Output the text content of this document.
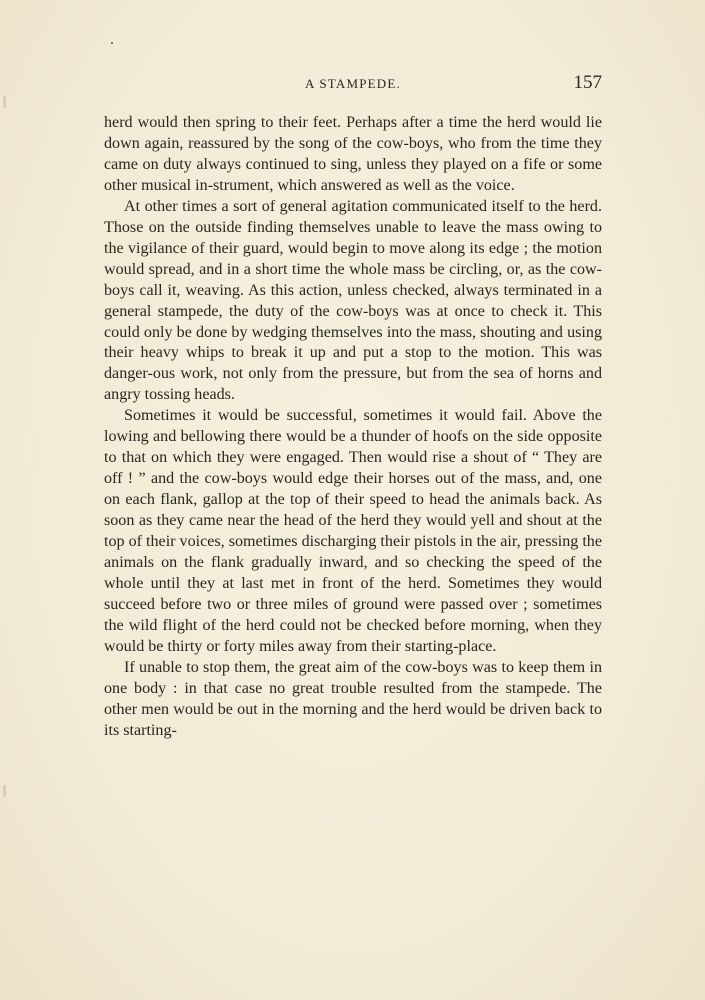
A STAMPEDE.	157

herd would then spring to their feet. Perhaps after a time the herd would lie down again, reassured by the song of the cow-boys, who from the time they came on duty always continued to sing, unless they played on a fife or some other musical in-strument, which answered as well as the voice.

At other times a sort of general agitation communicated itself to the herd. Those on the outside finding themselves unable to leave the mass owing to the vigilance of their guard, would begin to move along its edge ; the motion would spread, and in a short time the whole mass be circling, or, as the cow-boys call it, weaving. As this action, unless checked, always terminated in a general stampede, the duty of the cow-boys was at once to check it. This could only be done by wedging themselves into the mass, shouting and using their heavy whips to break it up and put a stop to the motion. This was danger-ous work, not only from the pressure, but from the sea of horns and angry tossing heads.

Sometimes it would be successful, sometimes it would fail. Above the lowing and bellowing there would be a thunder of hoofs on the side opposite to that on which they were engaged. Then would rise a shout of “ They are off ! ” and the cow-boys would edge their horses out of the mass, and, one on each flank, gallop at the top of their speed to head the animals back. As soon as they came near the head of the herd they would yell and shout at the top of their voices, sometimes discharging their pistols in the air, pressing the animals on the flank gradually inward, and so checking the speed of the whole until they at last met in front of the herd. Sometimes they would succeed before two or three miles of ground were passed over ; sometimes the wild flight of the herd could not be checked before morning, when they would be thirty or forty miles away from their starting-place.

If unable to stop them, the great aim of the cow-boys was to keep them in one body : in that case no great trouble resulted from the stampede. The other men would be out in the morning and the herd would be driven back to its starting-
